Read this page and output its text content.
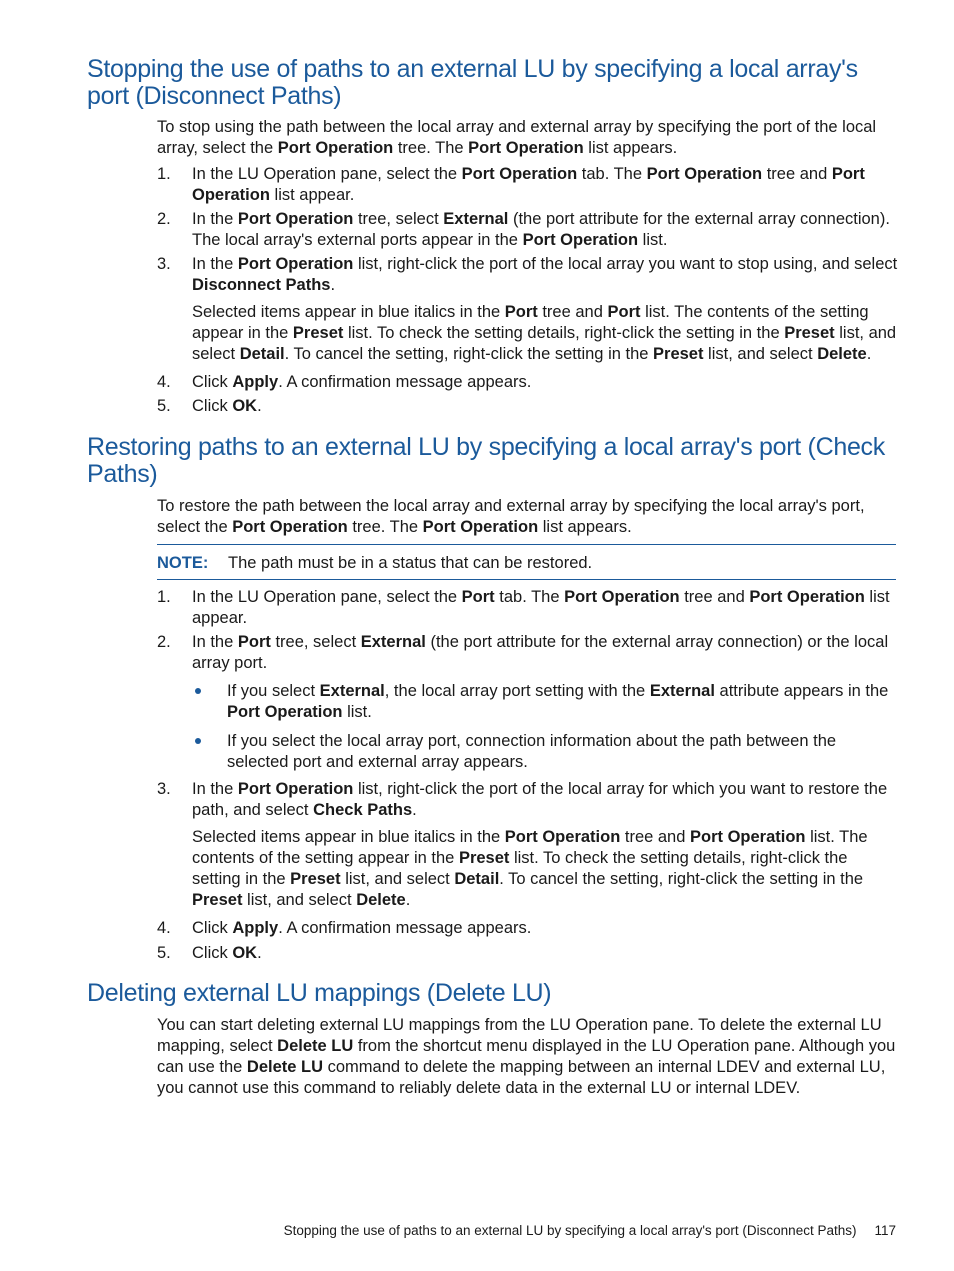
Stopping the use of paths to an external LU by specifying a local array's port (Disconnect Paths)

To stop using the path between the local array and external array by specifying the port of the local array, select the Port Operation tree. The Port Operation list appears.

1.	In the LU Operation pane, select the Port Operation tab. The Port Operation tree and Port Operation list appear.
2.	In the Port Operation tree, select External (the port attribute for the external array connection). The local array's external ports appear in the Port Operation list.
3.	In the Port Operation list, right-click the port of the local array you want to stop using, and select Disconnect Paths.

Selected items appear in blue italics in the Port tree and Port list. The contents of the setting appear in the Preset list. To check the setting details, right-click the setting in the Preset list, and select Detail. To cancel the setting, right-click the setting in the Preset list, and select Delete.

4.	Click Apply. A confirmation message appears.
5.	Click OK.
Restoring paths to an external LU by specifying a local array's port (Check Paths)

To restore the path between the local array and external array by specifying the local array's port, select the Port Operation tree. The Port Operation list appears.

NOTE: The path must be in a status that can be restored.
1.	In the LU Operation pane, select the Port tab. The Port Operation tree and Port Operation list appear.
2.	In the Port tree, select External (the port attribute for the external array connection) or the local array port.
If you select External, the local array port setting with the External attribute appears in the Port Operation list.
If you select the local array port, connection information about the path between the selected port and external array appears.
3.	In the Port Operation list, right-click the port of the local array for which you want to restore the path, and select Check Paths.

Selected items appear in blue italics in the Port Operation tree and Port Operation list. The contents of the setting appear in the Preset list. To check the setting details, right-click the setting in the Preset list, and select Detail. To cancel the setting, right-click the setting in the Preset list, and select Delete.

4.	Click Apply. A confirmation message appears.
5.	Click OK.
Deleting external LU mappings (Delete LU)

You can start deleting external LU mappings from the LU Operation pane. To delete the external LU mapping, select Delete LU from the shortcut menu displayed in the LU Operation pane. Although you can use the Delete LU command to delete the mapping between an internal LDEV and external LU, you cannot use this command to reliably delete data in the external LU or internal LDEV.

Stopping the use of paths to an external LU by specifying a local array's port (Disconnect Paths) 117
